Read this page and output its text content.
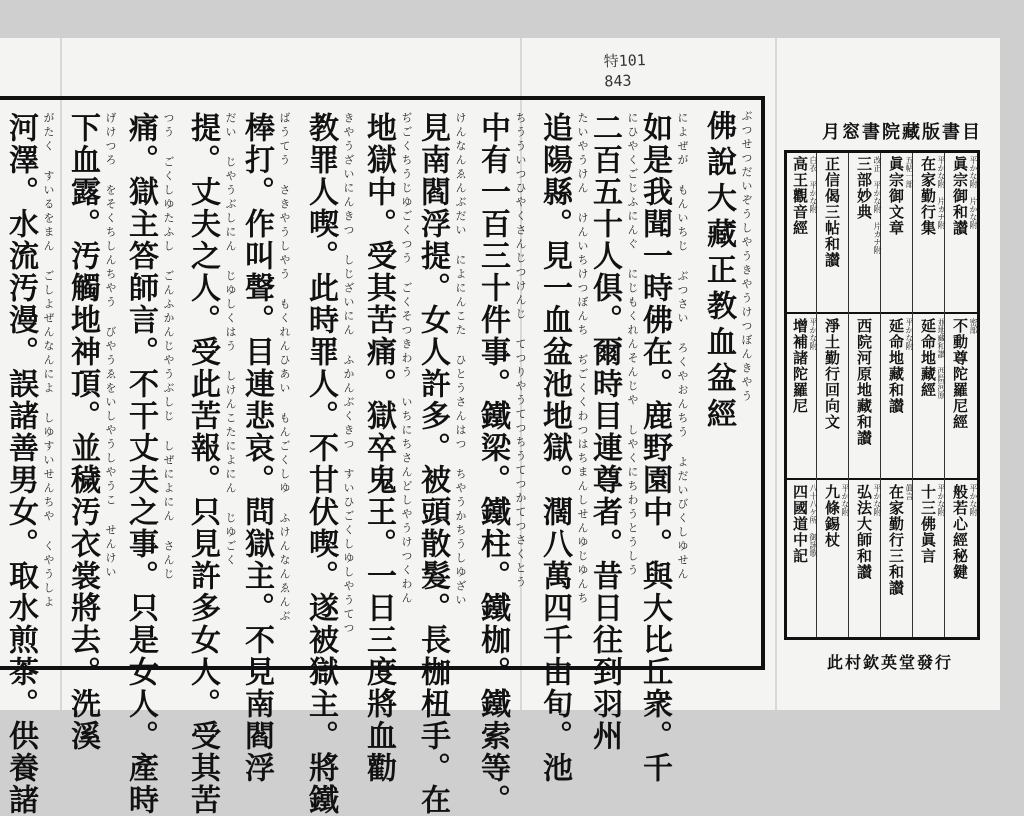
特101
843
佛說大藏正教血盆經 ぶつせつだいぞうしやうきやうけつぼんきやう
如是我聞一時佛在。鹿野園中。與大比丘衆。千 によぜが もんいちじ ぶつさい ろくやおんちう よだいびくしゆせん
二百五十人俱。爾時目連尊者。昔日往到羽州 にひやくごじふにんぐ にじもくれんそんじや しやくにちわうとうしう
追陽縣。見一血盆池地獄。濶八萬四千由旬。池 たいやうけん けんいちけつぼんち ぢごくくわつはちまんしせんゆじゆんち
中有一百三十件事。鐵梁。鐵柱。鐵枷。鐵索等。 ちうういつひやくさんじつけんじ てつりやうてつちうてつかてつさくとう
見南閻浮提。女人許多。被頭散髮。長枷杻手。在 けんなんゑんぶだい によにんこた ひとうさんはつ ちやうかちうしゆざい
地獄中。受其苦痛。獄卒鬼王。一日三度將血勸 ぢごくちうじゆごくつう ごくそつきわう いちにちさんどしやうけつくわん
教罪人喫。此時罪人。不甘伏喫。遂被獄主。將鐵 きやうざいにんきつ しじざいにん ふかんぶくきつ すいひごくしゆしやうてつ
棒打。作叫聲。目連悲哀。問獄主。不見南閻浮 ばうてう さきやうしやう もくれんひあい もんごくしゆ ふけんなんゑんぶ
提。丈夫之人。受此苦報。只見許多女人。受其苦 だい じやうぶしにん じゆしくはう しけんこたによにん じゆごく
痛。獄主答師言。不干丈夫之事。只是女人。產時 つう ごくしゆたふし ごんふかんじやうぶしじ しぜによにん さんじ
下血露。汚觸地神頂。並穢汚衣裳將去。洗溪 げけつろ をそくちしんちやう びやうゑをいしやうしやうこ せんけい
河澤。水流汚漫。誤諸善男女。取水煎茶。供養諸 がたく すいるをまん ごしよぜんなんによ しゆすいせんちや くやうしよ	月窓書院藏版書目
眞宗御和讃 平かな附 片かな附
在家勤行集 平かな附 片カナ附
眞宗御文章 五帖一部
三部妙典 改正 平かな附 片カナ附
正信偈三帖和讃
高王觀音經 白衣 平かな附
不動尊陀羅尼經 密部
延命地藏經 並地藏和讃 西院河原
延命地藏和讃 平かな附
西院河原地藏和讃
淨土勤行回向文
增補諸陀羅尼 平かな附
般若心經秘鍵 平かな附
十三佛眞言 平かな附
在家勤行三和讃 眞言
弘法大師和讃 平かな附
九條錫杖 平かな附
四國道中記 八十八ケ所 御詠歌
此村欽英堂發行
